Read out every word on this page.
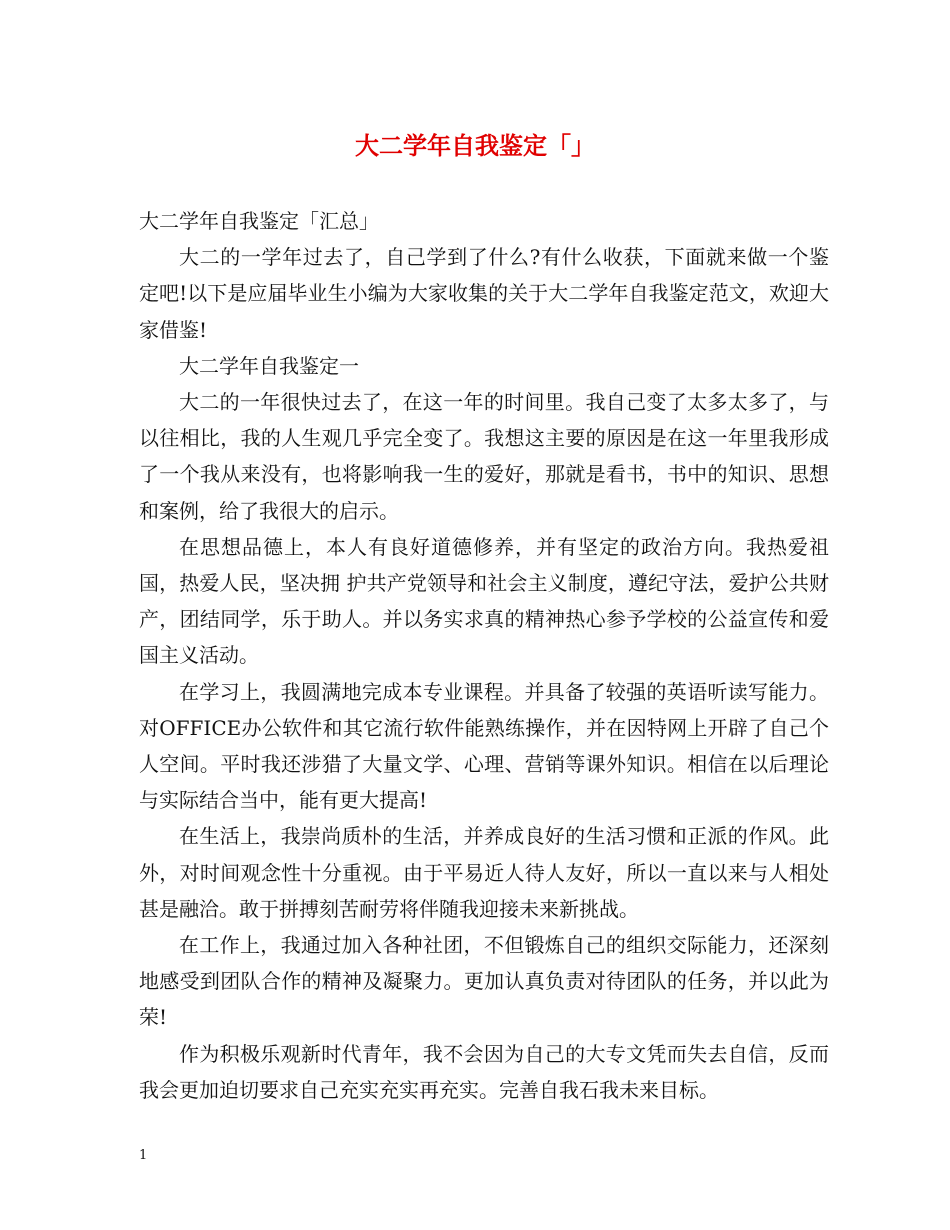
大二学年自我鉴定「」

大二学年自我鉴定「汇总」

大二的一学年过去了，自己学到了什么?有什么收获，下面就来做一个鉴定吧!以下是应届毕业生小编为大家收集的关于大二学年自我鉴定范文，欢迎大家借鉴!

大二学年自我鉴定一

大二的一年很快过去了，在这一年的时间里。我自己变了太多太多了，与以往相比，我的人生观几乎完全变了。我想这主要的原因是在这一年里我形成了一个我从来没有，也将影响我一生的爱好，那就是看书，书中的知识、思想和案例，给了我很大的启示。

在思想品德上，本人有良好道德修养，并有坚定的政治方向。我热爱祖国，热爱人民，坚决拥 护共产党领导和社会主义制度，遵纪守法，爱护公共财产，团结同学，乐于助人。并以务实求真的精神热心参予学校的公益宣传和爱国主义活动。

在学习上，我圆满地完成本专业课程。并具备了较强的英语听读写能力。对OFFICE办公软件和其它流行软件能熟练操作，并在因特网上开辟了自己个人空间。平时我还涉猎了大量文学、心理、营销等课外知识。相信在以后理论与实际结合当中，能有更大提高!

在生活上，我崇尚质朴的生活，并养成良好的生活习惯和正派的作风。此外，对时间观念性十分重视。由于平易近人待人友好，所以一直以来与人相处甚是融洽。敢于拼搏刻苦耐劳将伴随我迎接未来新挑战。

在工作上，我通过加入各种社团，不但锻炼自己的组织交际能力，还深刻地感受到团队合作的精神及凝聚力。更加认真负责对待团队的任务，并以此为荣!

作为积极乐观新时代青年，我不会因为自己的大专文凭而失去自信，反而我会更加迫切要求自己充实充实再充实。完善自我石我未来目标。

1
